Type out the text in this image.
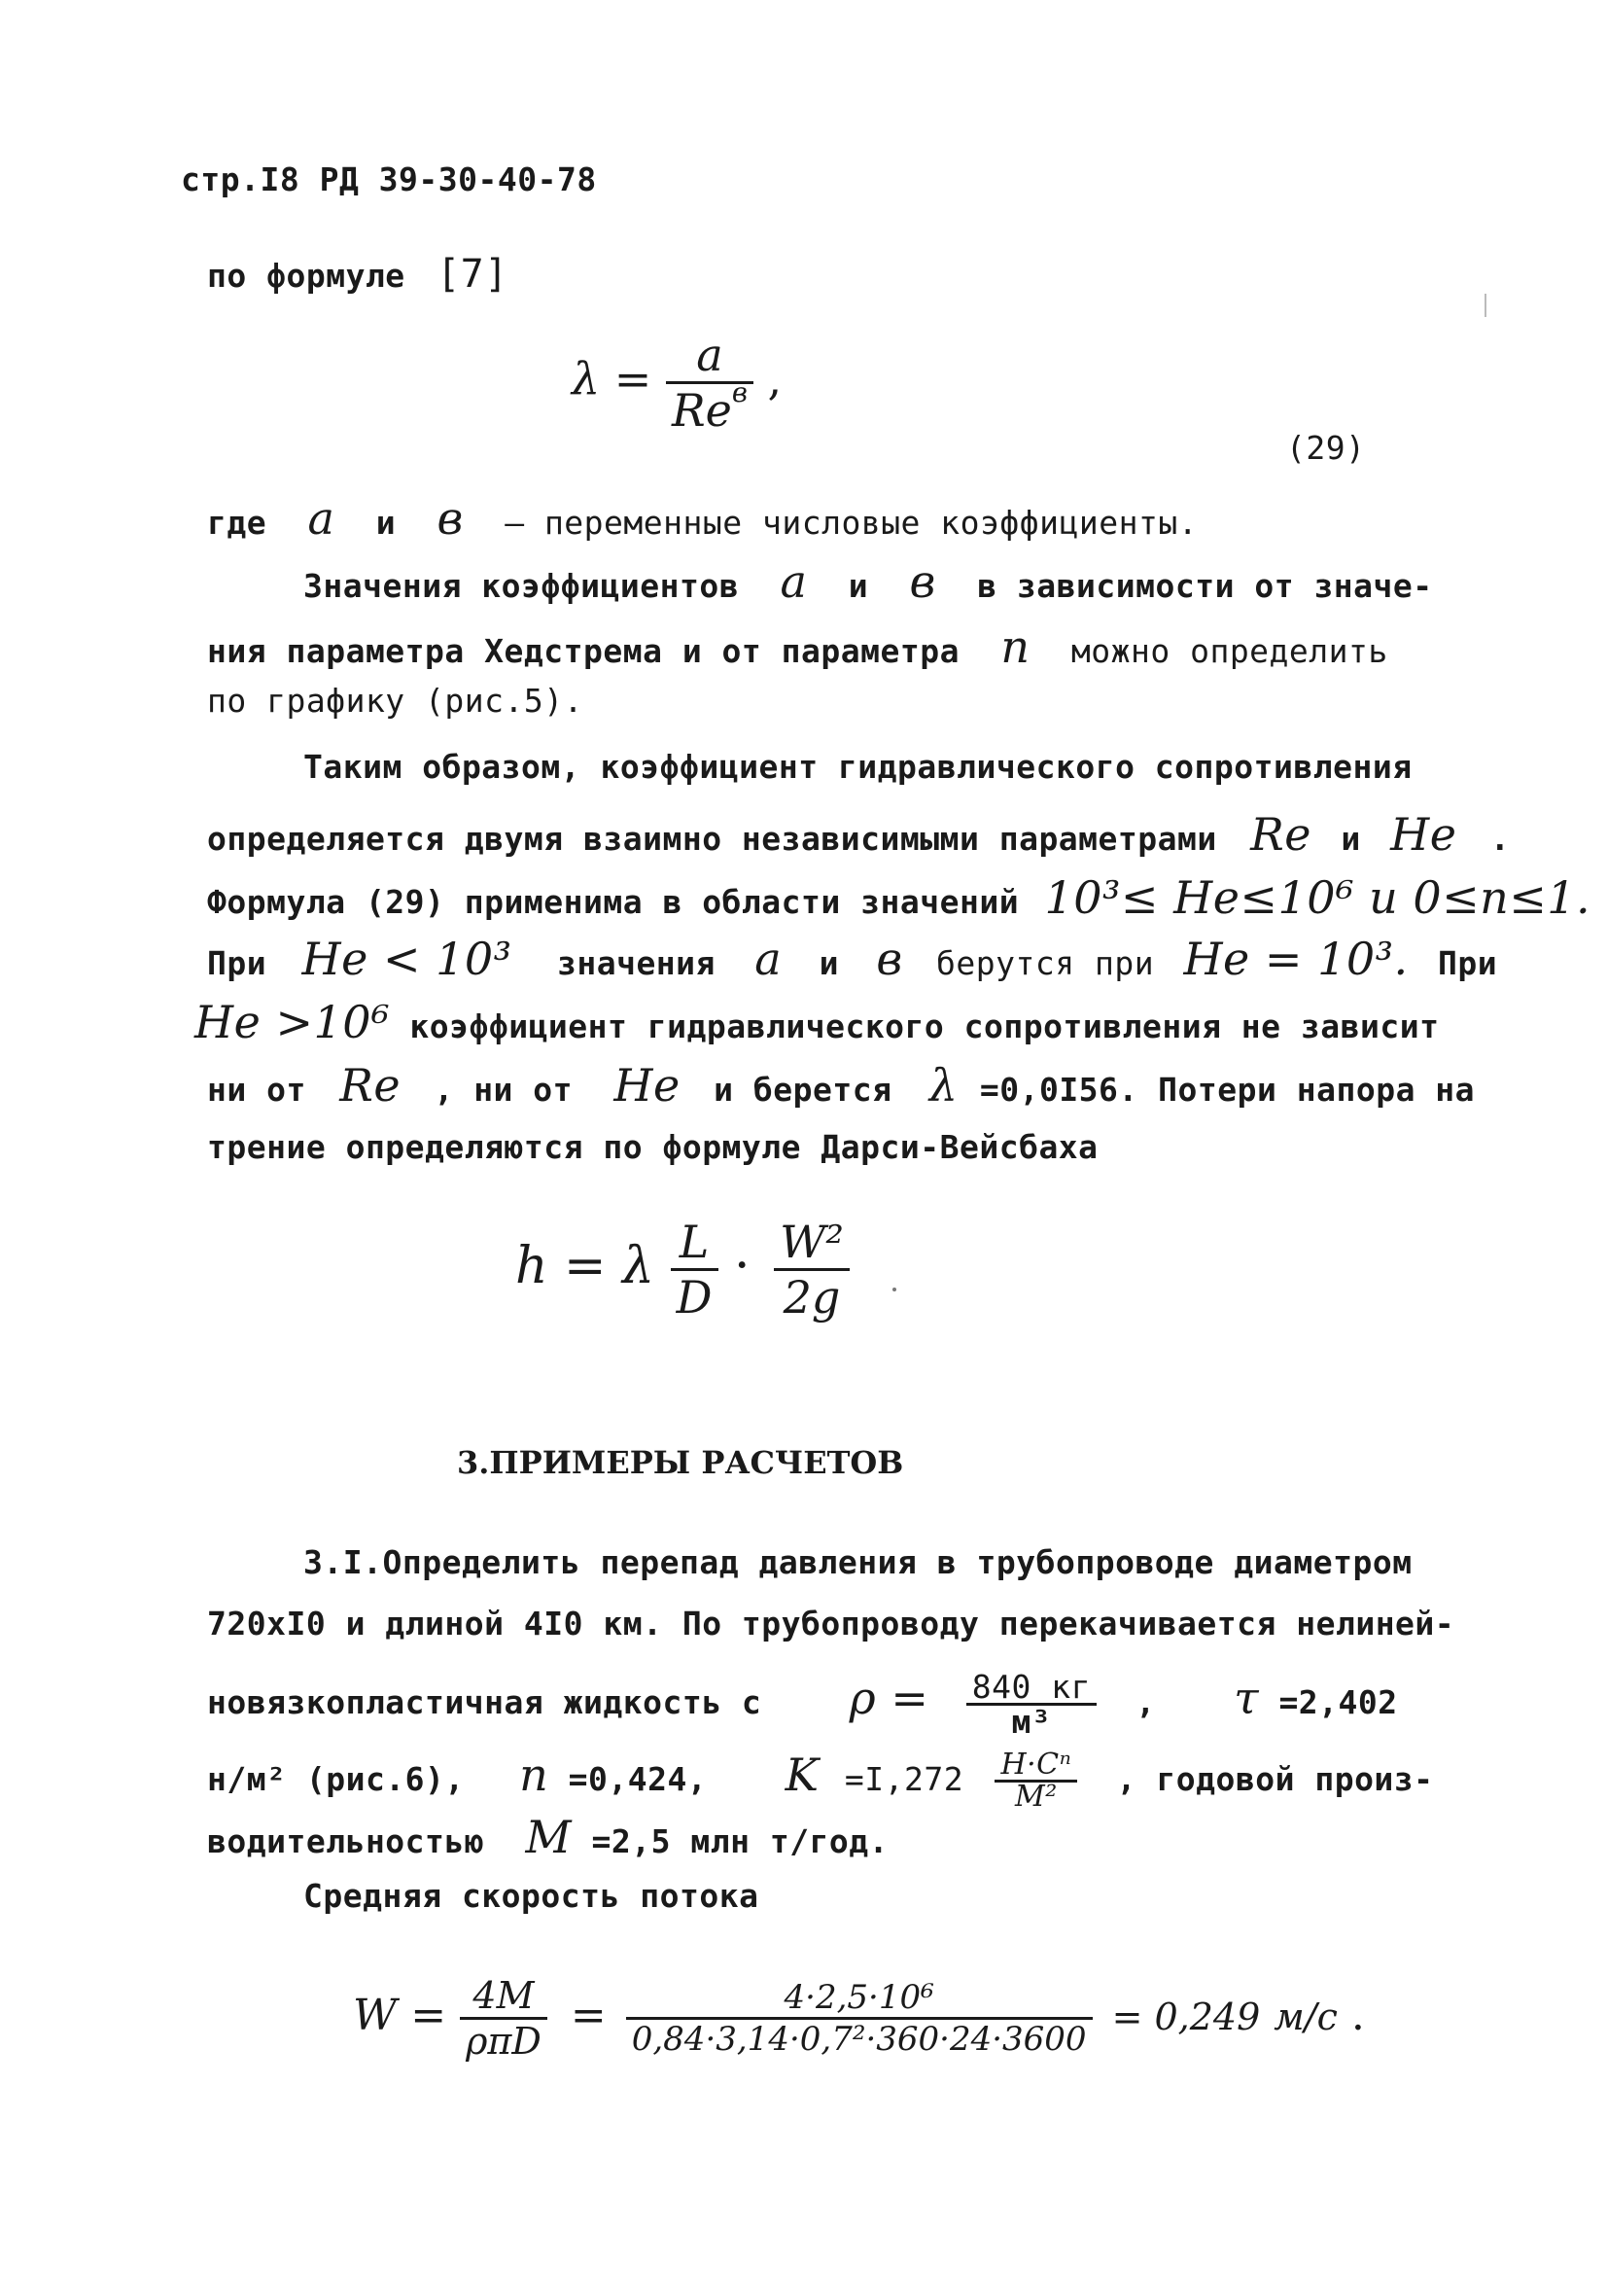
стр.I8 РД 39-30-40-78
по формуле [7]
$\lambda = \frac{a}{Re^в}$ ,
(29)
где a и в – переменные числовые коэффициенты.
Значения коэффициентов a и в в зависимости от значе-
ния параметра Хедстрема и от параметра n можно определить
по графику (рис.5).
Таким образом, коэффициент гидравлического сопротивления
определяется двумя взаимно независимыми параметрами Re и He .
Формула (29) применима в области значений 10³≤ He≤10⁶ и 0≤n≤1.
При He < 10³ значения a и в берутся при He = 10³. При
He >10⁶ коэффициент гидравлического сопротивления не зависит
ни от Re , ни от He и берется λ =0,0I56. Потери напора на
трение определяются по формуле Дарси-Вейсбаха
h = λ $\frac{L}{D} \cdot \frac{\text{W²}}{2g}$
3.ПРИМЕРЫ РАСЧЕТОВ
3.I.Определить перепад давления в трубопроводе диаметром
720хI0 и длиной 4I0 км. По трубопроводу перекачивается нелиней-
новязкопластичная жидкость с $\rho = \frac{840 кг}{\text{м³}}$ , τ =2,402
н/м² (рис.6), n =0,424, $K =I,272 \frac{\text{H·Cⁿ}}{\text{M²}}$ , годовой произ-
водительностью M =2,5 млн т/год.
Средняя скорость потока
$W = \frac{4M}{\text{ρπD}} = \frac{\text{4·2,5·10⁶}}{\text{0,84·3,14·0,7²·360·24·3600}} = 0,249$ м/с .
